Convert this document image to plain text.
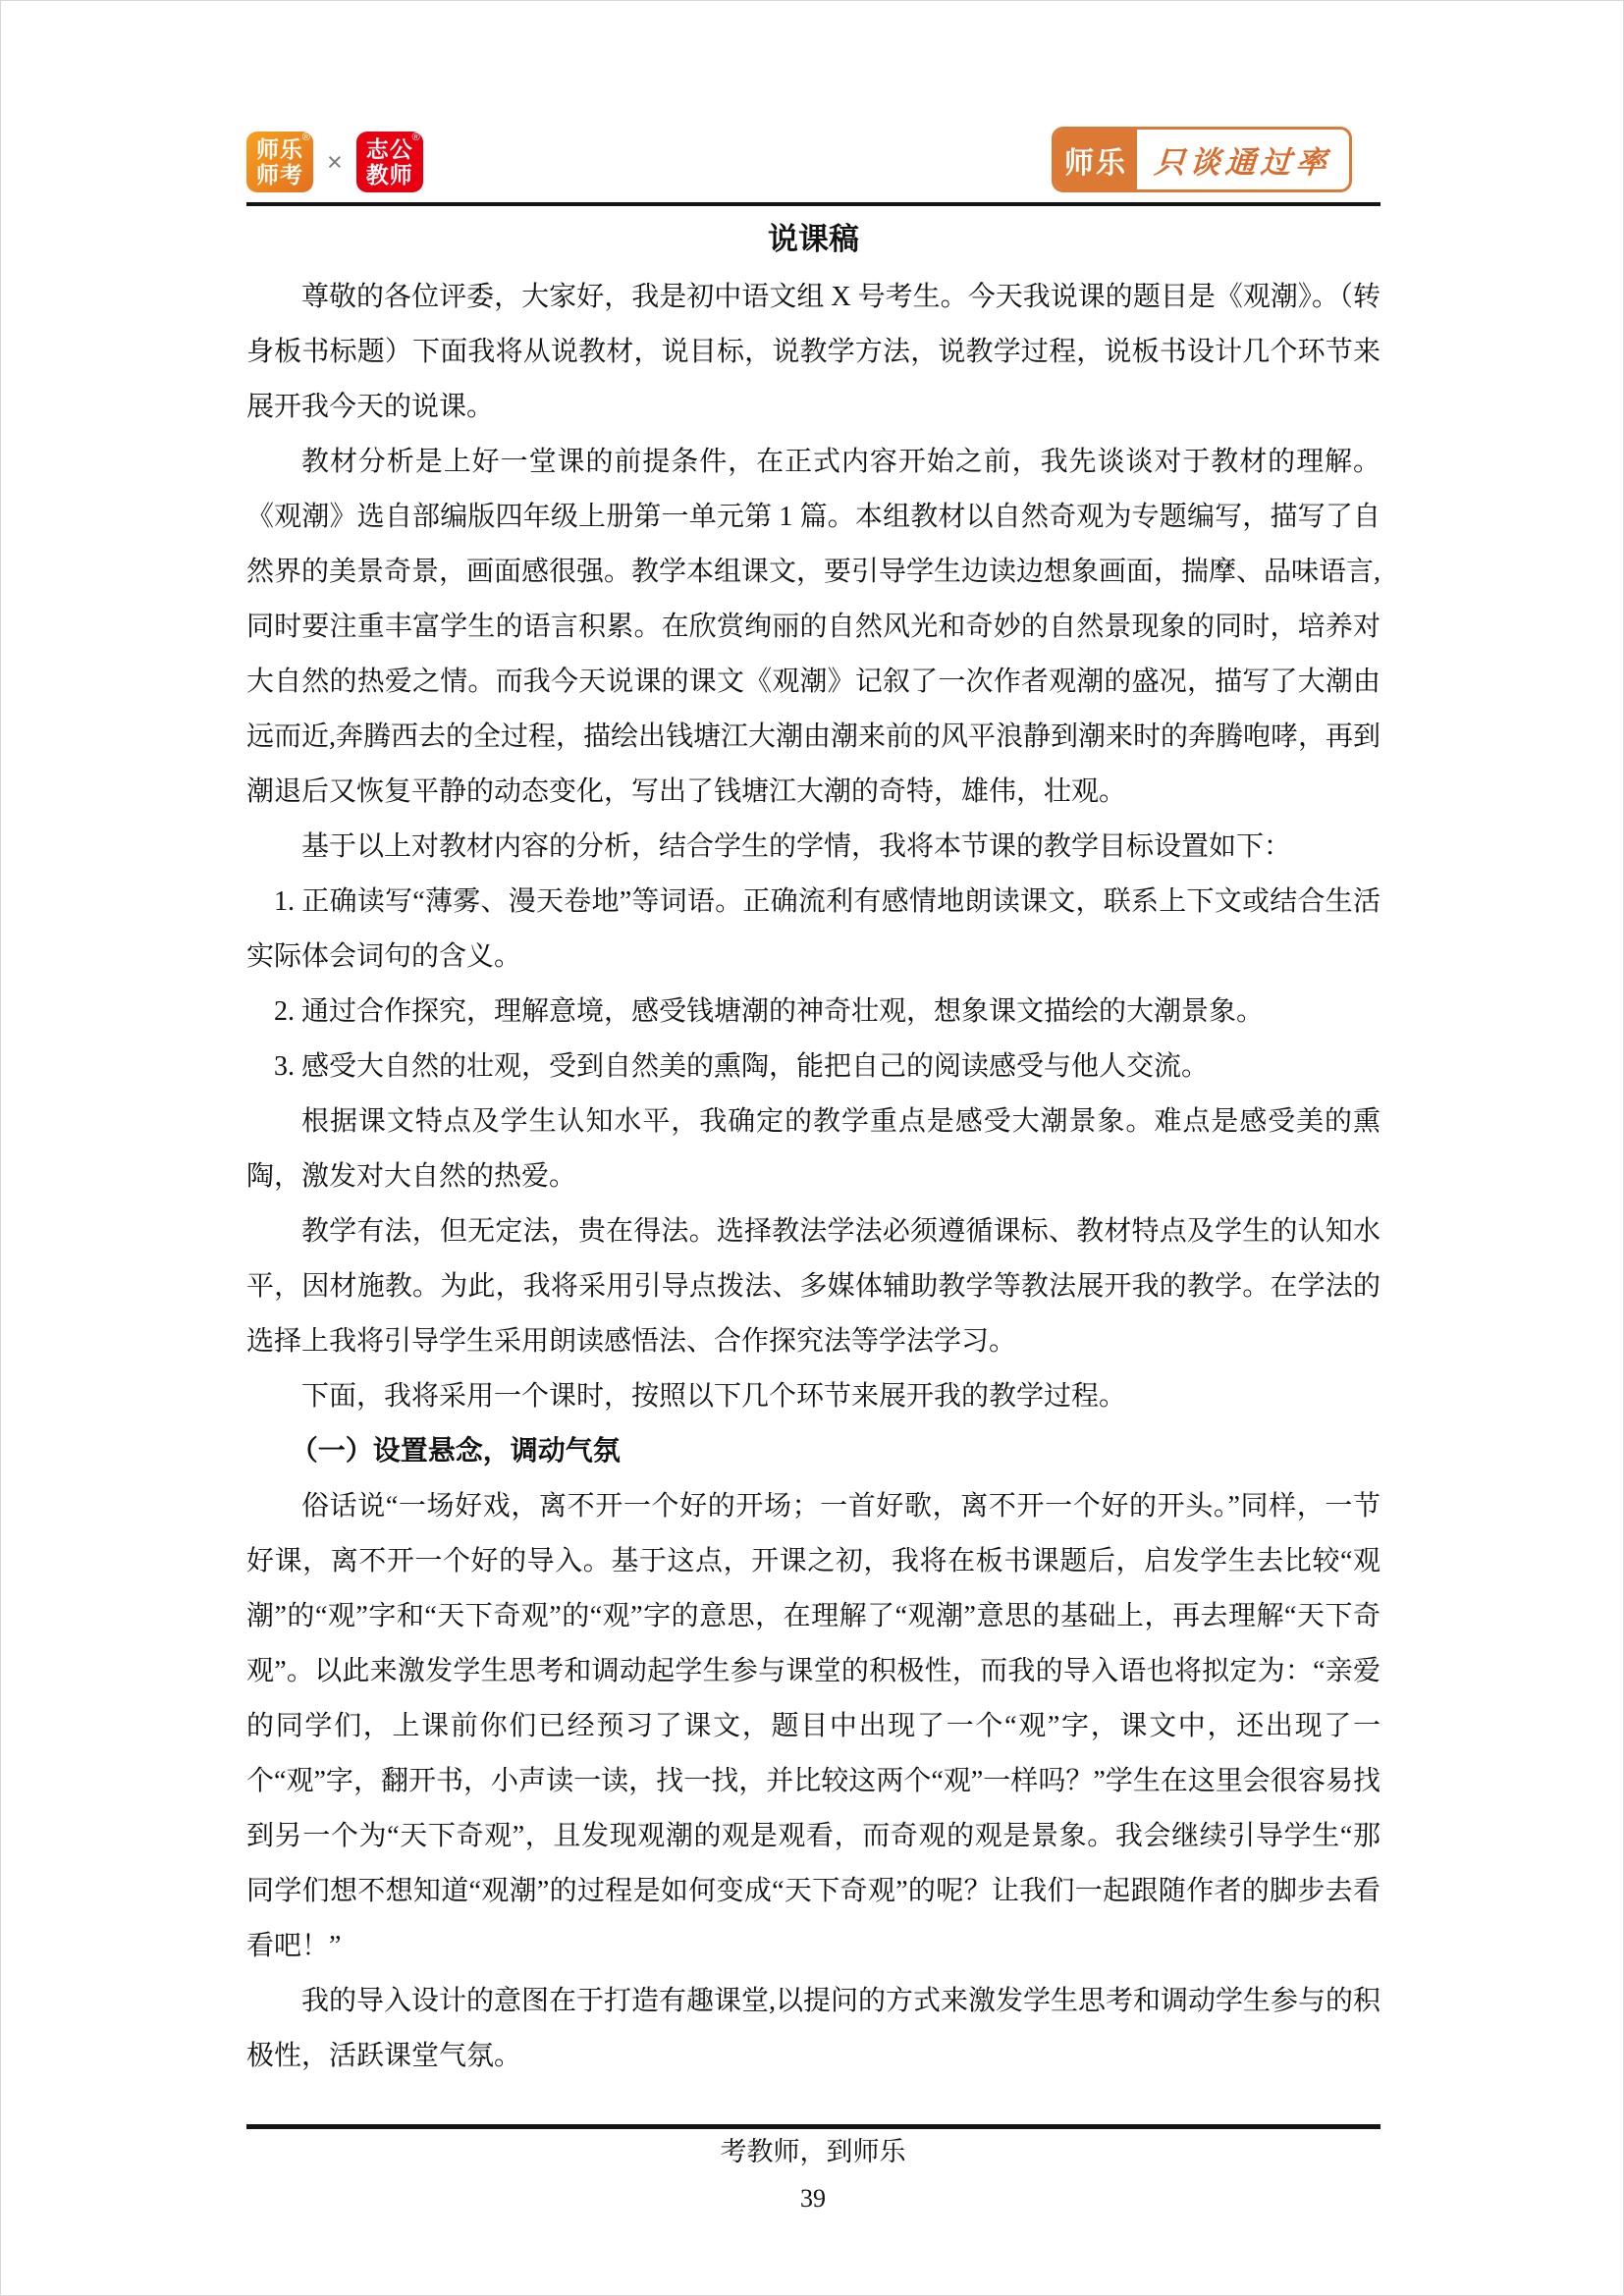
师乐
师考
®
× 志公
教师
®
师乐 只谈通过率
说课稿

尊敬的各位评委，大家好，我是初中语文组 X 号考生。今天我说课的题目是《观潮》。（转身板书标题）下面我将从说教材，说目标，说教学方法，说教学过程，说板书设计几个环节来展开我今天的说课。

教材分析是上好一堂课的前提条件，在正式内容开始之前，我先谈谈对于教材的理解。《观潮》选自部编版四年级上册第一单元第 1 篇。本组教材以自然奇观为专题编写，描写了自然界的美景奇景，画面感很强。教学本组课文，要引导学生边读边想象画面，揣摩、品味语言,同时要注重丰富学生的语言积累。在欣赏绚丽的自然风光和奇妙的自然景现象的同时，培养对大自然的热爱之情。而我今天说课的课文《观潮》记叙了一次作者观潮的盛况，描写了大潮由远而近,奔腾西去的全过程，描绘出钱塘江大潮由潮来前的风平浪静到潮来时的奔腾咆哮，再到潮退后又恢复平静的动态变化，写出了钱塘江大潮的奇特，雄伟，壮观。

基于以上对教材内容的分析，结合学生的学情，我将本节课的教学目标设置如下：

1. 正确读写“薄雾、漫天卷地”等词语。正确流利有感情地朗读课文，联系上下文或结合生活实际体会词句的含义。

2. 通过合作探究，理解意境，感受钱塘潮的神奇壮观，想象课文描绘的大潮景象。

3. 感受大自然的壮观，受到自然美的熏陶，能把自己的阅读感受与他人交流。

根据课文特点及学生认知水平，我确定的教学重点是感受大潮景象。难点是感受美的熏陶，激发对大自然的热爱。

教学有法，但无定法，贵在得法。选择教法学法必须遵循课标、教材特点及学生的认知水平，因材施教。为此，我将采用引导点拨法、多媒体辅助教学等教法展开我的教学。在学法的选择上我将引导学生采用朗读感悟法、合作探究法等学法学习。

下面，我将采用一个课时，按照以下几个环节来展开我的教学过程。

（一）设置悬念，调动气氛

俗话说“一场好戏，离不开一个好的开场；一首好歌，离不开一个好的开头。”同样，一节好课，离不开一个好的导入。基于这点，开课之初，我将在板书课题后，启发学生去比较“观潮”的“观”字和“天下奇观”的“观”字的意思，在理解了“观潮”意思的基础上，再去理解“天下奇观”。以此来激发学生思考和调动起学生参与课堂的积极性，而我的导入语也将拟定为：“亲爱的同学们，上课前你们已经预习了课文，题目中出现了一个“观”字，课文中，还出现了一个“观”字，翻开书，小声读一读，找一找，并比较这两个“观”一样吗？”学生在这里会很容易找到另一个为“天下奇观”，且发现观潮的观是观看，而奇观的观是景象。我会继续引导学生“那同学们想不想知道“观潮”的过程是如何变成“天下奇观”的呢？让我们一起跟随作者的脚步去看看吧！”

我的导入设计的意图在于打造有趣课堂,以提问的方式来激发学生思考和调动学生参与的积极性，活跃课堂气氛。

考教师，到师乐
39
